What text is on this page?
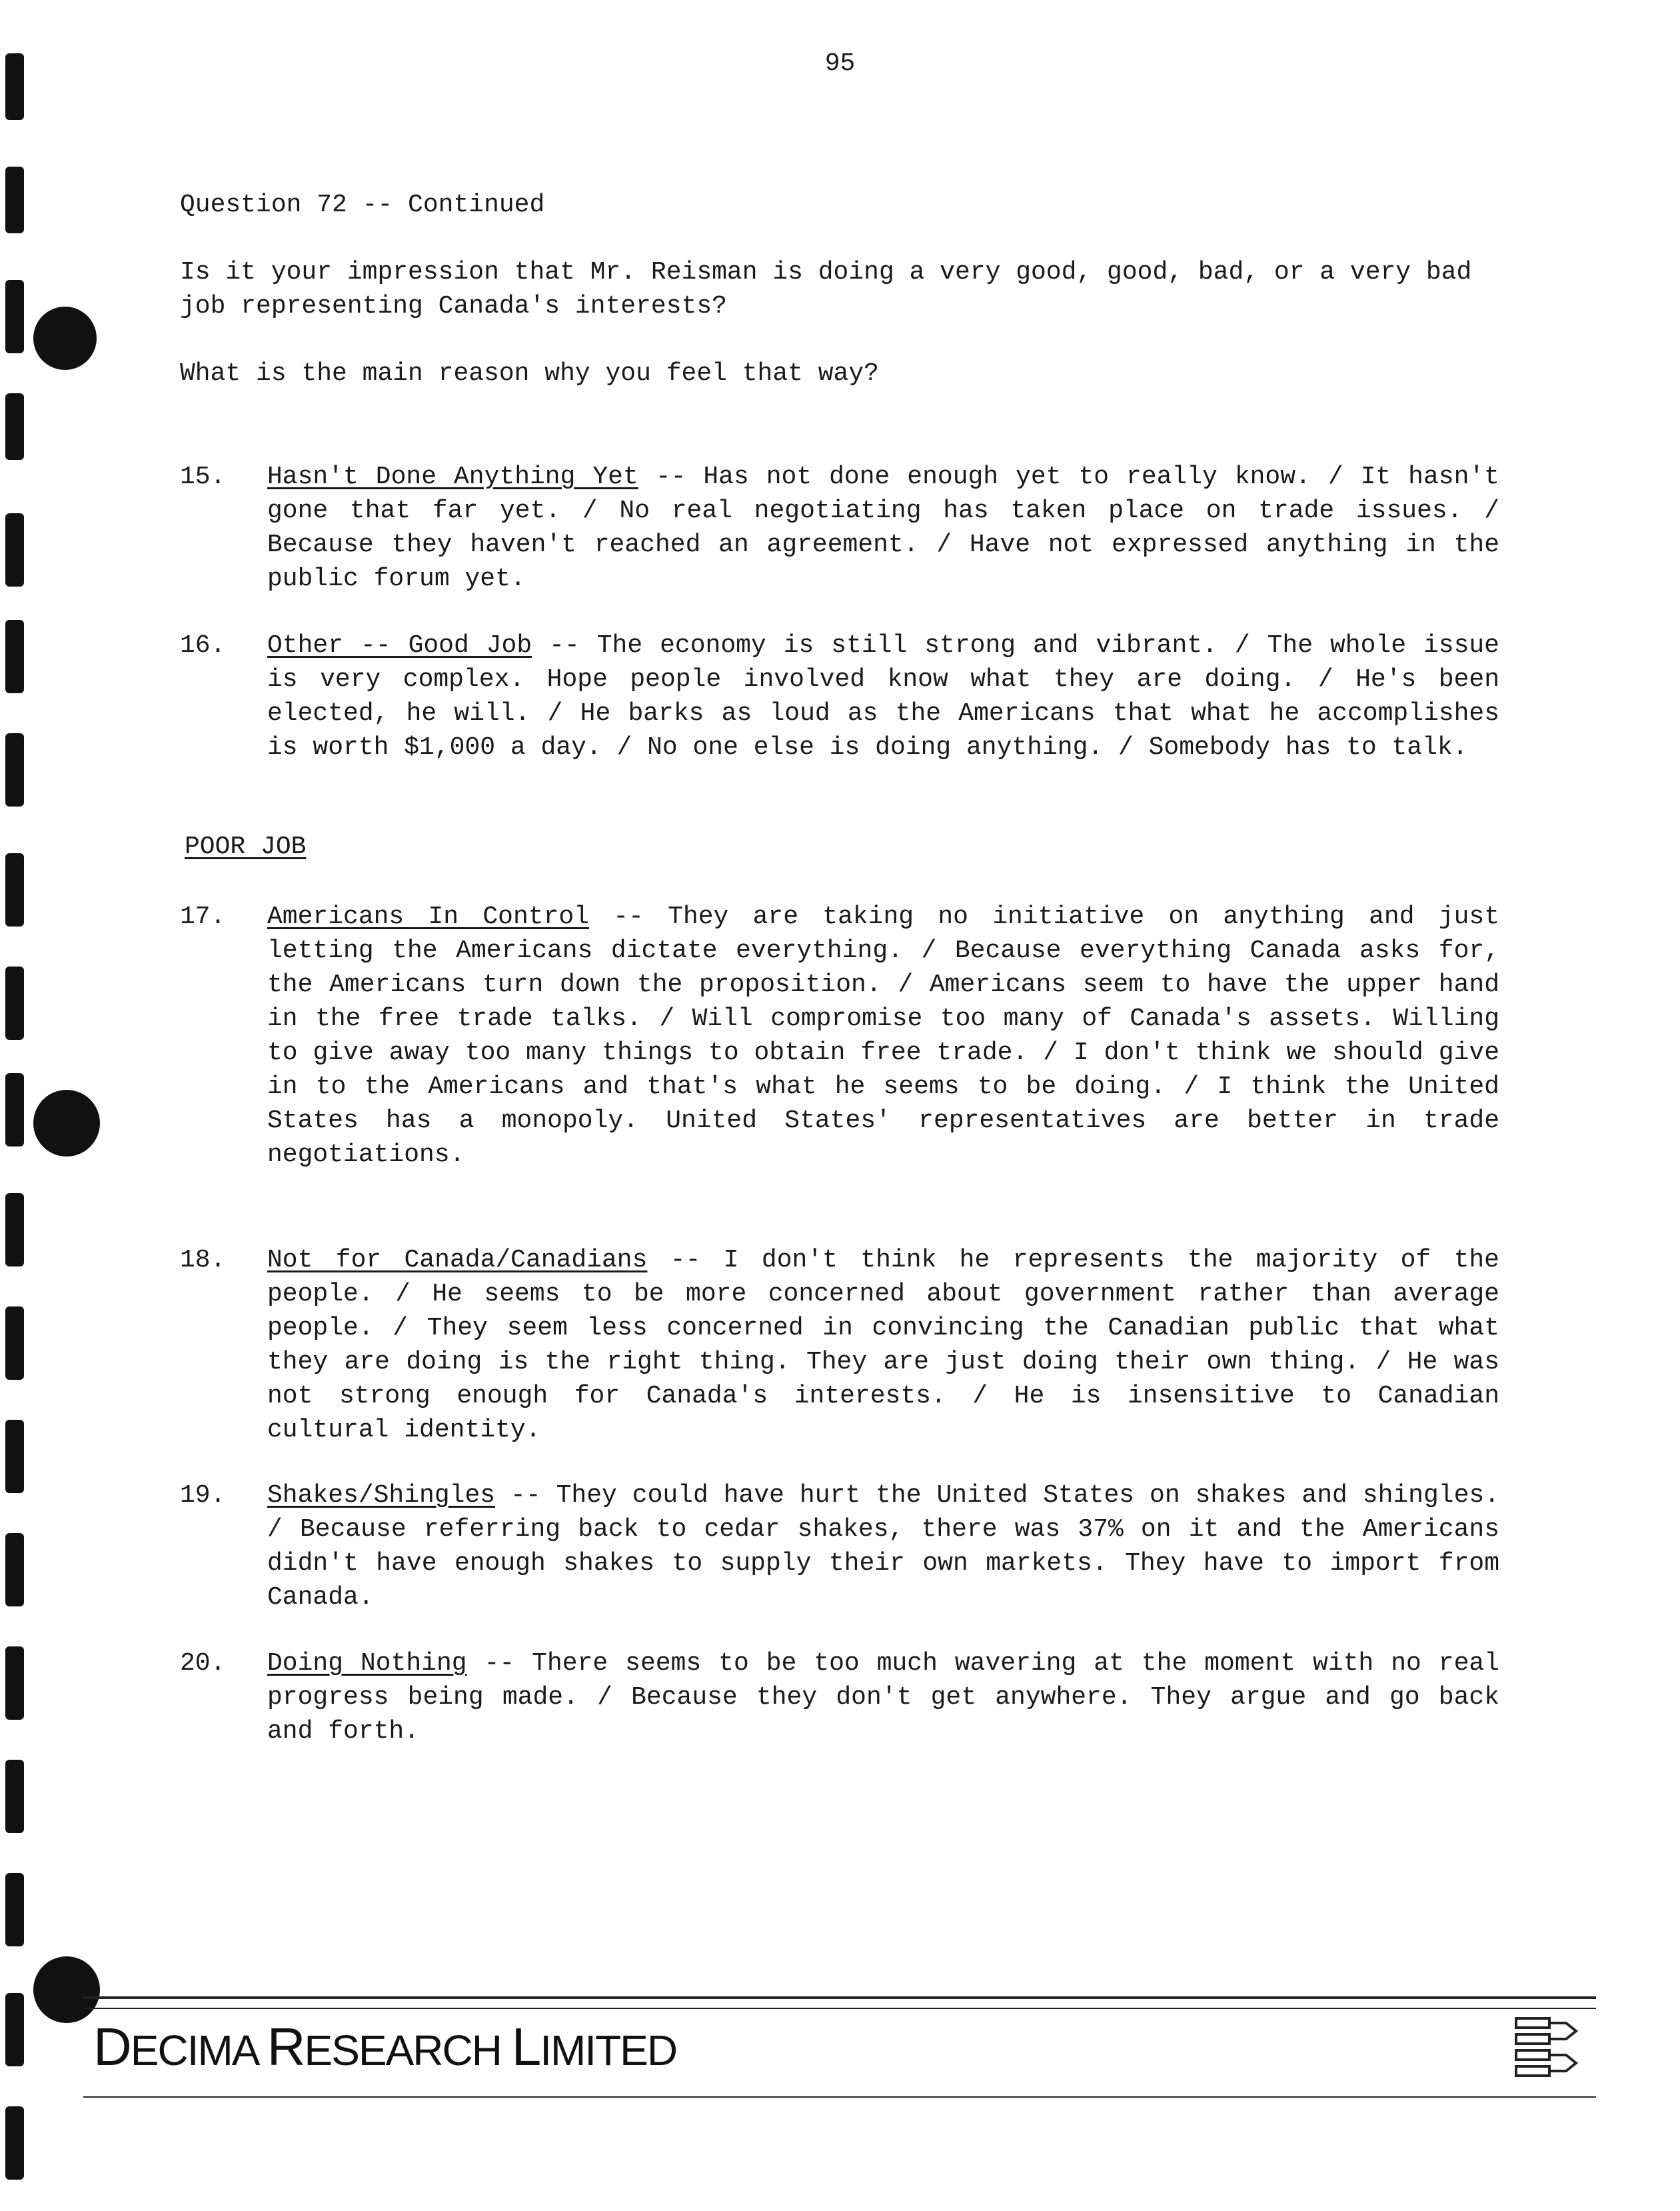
95
Question 72 -- Continued

Is it your impression that Mr. Reisman is doing a very good, good, bad, or a very bad job representing Canada's interests?

What is the main reason why you feel that way?

15.	Hasn't Done Anything Yet -- Has not done enough yet to really know. / It hasn't gone that far yet. / No real negotiating has taken place on trade issues. / Because they haven't reached an agreement. / Have not expressed anything in the public forum yet.
16.	Other -- Good Job -- The economy is still strong and vibrant. / The whole issue is very complex. Hope people involved know what they are doing. / He's been elected, he will. / He barks as loud as the Americans that what he accomplishes is worth $1,000 a day. / No one else is doing anything. / Somebody has to talk.
POOR JOB
17.	Americans In Control -- They are taking no initiative on anything and just letting the Americans dictate everything. / Because everything Canada asks for, the Americans turn down the proposition. / Americans seem to have the upper hand in the free trade talks. / Will compromise too many of Canada's assets. Willing to give away too many things to obtain free trade. / I don't think we should give in to the Americans and that's what he seems to be doing. / I think the United States has a monopoly. United States' representatives are better in trade negotiations.
18.	Not for Canada/Canadians -- I don't think he represents the majority of the people. / He seems to be more concerned about government rather than average people. / They seem less concerned in convincing the Canadian public that what they are doing is the right thing. They are just doing their own thing. / He was not strong enough for Canada's interests. / He is insensitive to Canadian cultural identity.
19.	Shakes/Shingles -- They could have hurt the United States on shakes and shingles. / Because referring back to cedar shakes, there was 37% on it and the Americans didn't have enough shakes to supply their own markets. They have to import from Canada.
20.	Doing Nothing -- There seems to be too much wavering at the moment with no real progress being made. / Because they don't get anywhere. They argue and go back and forth.
DECIMA RESEARCH LIMITED
